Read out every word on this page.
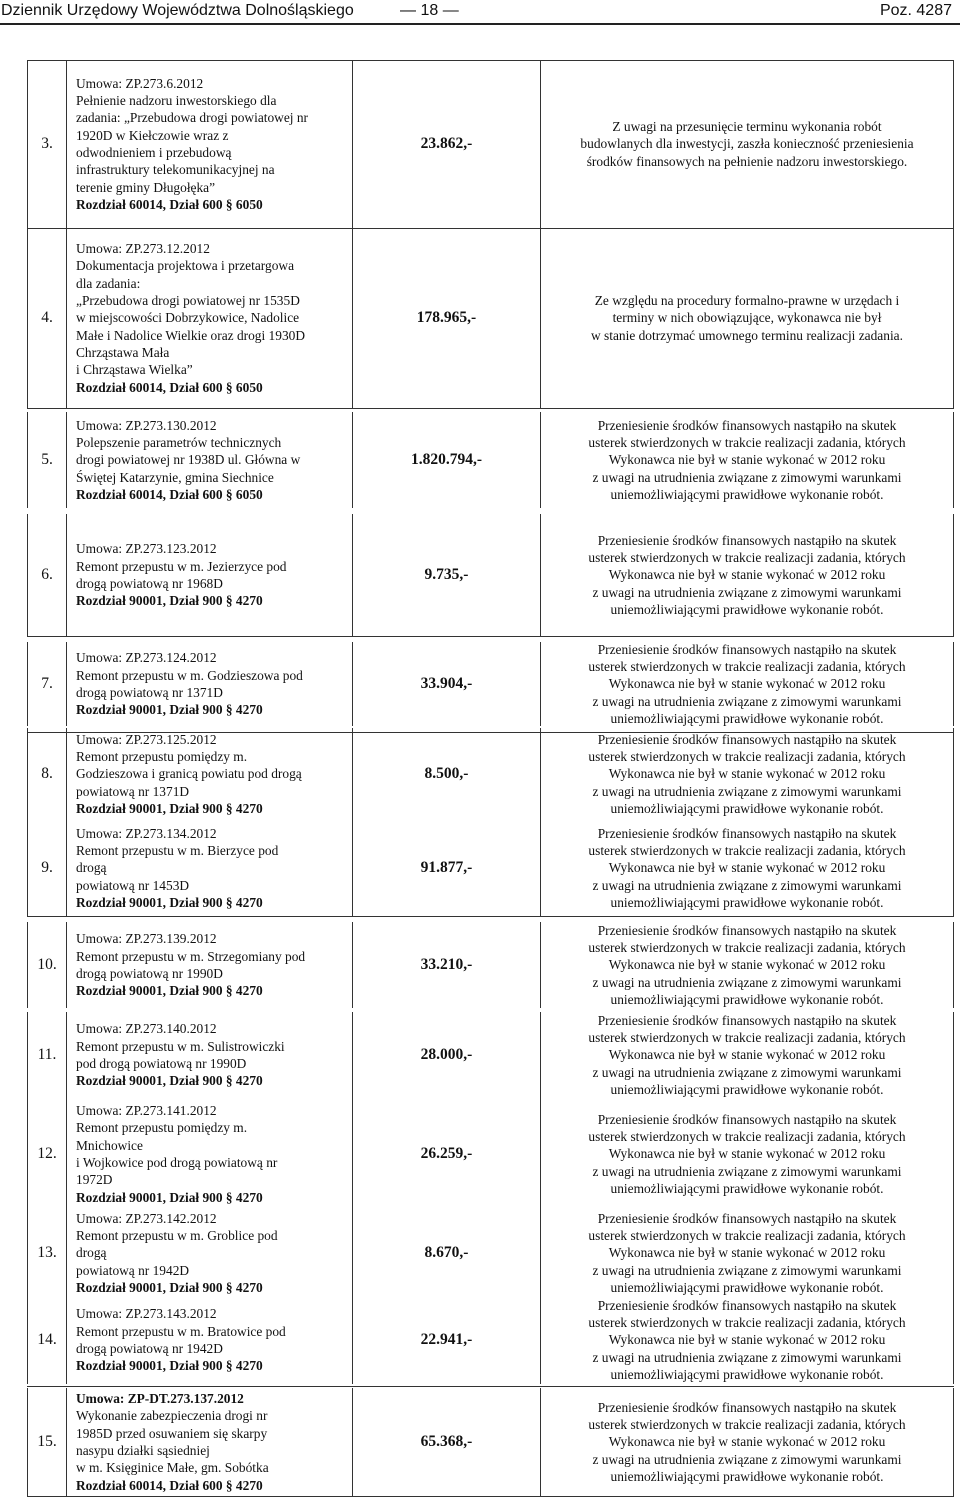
Dziennik Urzędowy Województwa Dolnośląskiego	— 18 —	Poz. 4287
3.
Umowa: ZP.273.6.2012
Pełnienie nadzoru inwestorskiego dla
zadania: „Przebudowa drogi powiatowej nr
1920D w Kiełczowie wraz z
odwodnieniem i przebudową
infrastruktury telekomunikacyjnej na
terenie gminy Długołęka”
Rozdział 60014, Dział 600 § 6050
23.862,-
Z uwagi na przesunięcie terminu wykonania robót
budowlanych dla inwestycji, zaszła konieczność przeniesienia
środków finansowych na pełnienie nadzoru inwestorskiego.
4.
Umowa: ZP.273.12.2012
Dokumentacja projektowa i przetargowa
dla zadania:
„Przebudowa drogi powiatowej nr 1535D
w miejscowości Dobrzykowice, Nadolice
Małe i Nadolice Wielkie oraz drogi 1930D
Chrząstawa Mała
i Chrząstawa Wielka”
Rozdział 60014, Dział 600 § 6050
178.965,-
Ze względu na procedury formalno-prawne w urzędach i
terminy w nich obowiązujące, wykonawca nie był
w stanie dotrzymać umownego terminu realizacji zadania.
5.
Umowa: ZP.273.130.2012
Polepszenie parametrów technicznych
drogi powiatowej nr 1938D ul. Główna w
Świętej Katarzynie, gmina Siechnice
Rozdział 60014, Dział 600 § 6050
1.820.794,-
Przeniesienie środków finansowych nastąpiło na skutek
usterek stwierdzonych w trakcie realizacji zadania, których
Wykonawca nie był w stanie wykonać w 2012 roku
z uwagi na utrudnienia związane z zimowymi warunkami
uniemożliwiającymi prawidłowe wykonanie robót.
6.
Umowa: ZP.273.123.2012
Remont przepustu w m. Jezierzyce pod
drogą powiatową nr 1968D
Rozdział 90001, Dział 900 § 4270
9.735,-
Przeniesienie środków finansowych nastąpiło na skutek
usterek stwierdzonych w trakcie realizacji zadania, których
Wykonawca nie był w stanie wykonać w 2012 roku
z uwagi na utrudnienia związane z zimowymi warunkami
uniemożliwiającymi prawidłowe wykonanie robót.
7.
Umowa: ZP.273.124.2012
Remont przepustu w m. Godzieszowa pod
drogą powiatową nr 1371D
Rozdział 90001, Dział 900 § 4270
33.904,-
Przeniesienie środków finansowych nastąpiło na skutek
usterek stwierdzonych w trakcie realizacji zadania, których
Wykonawca nie był w stanie wykonać w 2012 roku
z uwagi na utrudnienia związane z zimowymi warunkami
uniemożliwiającymi prawidłowe wykonanie robót.
8.
Umowa: ZP.273.125.2012
Remont przepustu pomiędzy m.
Godzieszowa i granicą powiatu pod drogą
powiatową nr 1371D
Rozdział 90001, Dział 900 § 4270
8.500,-
Przeniesienie środków finansowych nastąpiło na skutek
usterek stwierdzonych w trakcie realizacji zadania, których
Wykonawca nie był w stanie wykonać w 2012 roku
z uwagi na utrudnienia związane z zimowymi warunkami
uniemożliwiającymi prawidłowe wykonanie robót.
9.
Umowa: ZP.273.134.2012
Remont przepustu w m. Bierzyce pod
drogą
powiatową nr 1453D
Rozdział 90001, Dział 900 § 4270
91.877,-
Przeniesienie środków finansowych nastąpiło na skutek
usterek stwierdzonych w trakcie realizacji zadania, których
Wykonawca nie był w stanie wykonać w 2012 roku
z uwagi na utrudnienia związane z zimowymi warunkami
uniemożliwiającymi prawidłowe wykonanie robót.
10.
Umowa: ZP.273.139.2012
Remont przepustu w m. Strzegomiany pod
drogą powiatową nr 1990D
Rozdział 90001, Dział 900 § 4270
33.210,-
Przeniesienie środków finansowych nastąpiło na skutek
usterek stwierdzonych w trakcie realizacji zadania, których
Wykonawca nie był w stanie wykonać w 2012 roku
z uwagi na utrudnienia związane z zimowymi warunkami
uniemożliwiającymi prawidłowe wykonanie robót.
11.
Umowa: ZP.273.140.2012
Remont przepustu w m. Sulistrowiczki
pod drogą powiatową nr 1990D
Rozdział 90001, Dział 900 § 4270
28.000,-
Przeniesienie środków finansowych nastąpiło na skutek
usterek stwierdzonych w trakcie realizacji zadania, których
Wykonawca nie był w stanie wykonać w 2012 roku
z uwagi na utrudnienia związane z zimowymi warunkami
uniemożliwiającymi prawidłowe wykonanie robót.
12.
Umowa: ZP.273.141.2012
Remont przepustu pomiędzy m.
Mnichowice
i Wojkowice pod drogą powiatową nr
1972D
Rozdział 90001, Dział 900 § 4270
26.259,-
Przeniesienie środków finansowych nastąpiło na skutek
usterek stwierdzonych w trakcie realizacji zadania, których
Wykonawca nie był w stanie wykonać w 2012 roku
z uwagi na utrudnienia związane z zimowymi warunkami
uniemożliwiającymi prawidłowe wykonanie robót.
13.
Umowa: ZP.273.142.2012
Remont przepustu w m. Groblice pod
drogą
powiatową nr 1942D
Rozdział 90001, Dział 900 § 4270
8.670,-
Przeniesienie środków finansowych nastąpiło na skutek
usterek stwierdzonych w trakcie realizacji zadania, których
Wykonawca nie był w stanie wykonać w 2012 roku
z uwagi na utrudnienia związane z zimowymi warunkami
uniemożliwiającymi prawidłowe wykonanie robót.
14.
Umowa: ZP.273.143.2012
Remont przepustu w m. Bratowice pod
drogą powiatową nr 1942D
Rozdział 90001, Dział 900 § 4270
22.941,-
Przeniesienie środków finansowych nastąpiło na skutek
usterek stwierdzonych w trakcie realizacji zadania, których
Wykonawca nie był w stanie wykonać w 2012 roku
z uwagi na utrudnienia związane z zimowymi warunkami
uniemożliwiającymi prawidłowe wykonanie robót.
15.
Umowa: ZP-DT.273.137.2012
Wykonanie zabezpieczenia drogi nr
1985D przed osuwaniem się skarpy
nasypu działki sąsiedniej
w m. Księginice Małe, gm. Sobótka
Rozdział 60014, Dział 600 § 4270
65.368,-
Przeniesienie środków finansowych nastąpiło na skutek
usterek stwierdzonych w trakcie realizacji zadania, których
Wykonawca nie był w stanie wykonać w 2012 roku
z uwagi na utrudnienia związane z zimowymi warunkami
uniemożliwiającymi prawidłowe wykonanie robót.
